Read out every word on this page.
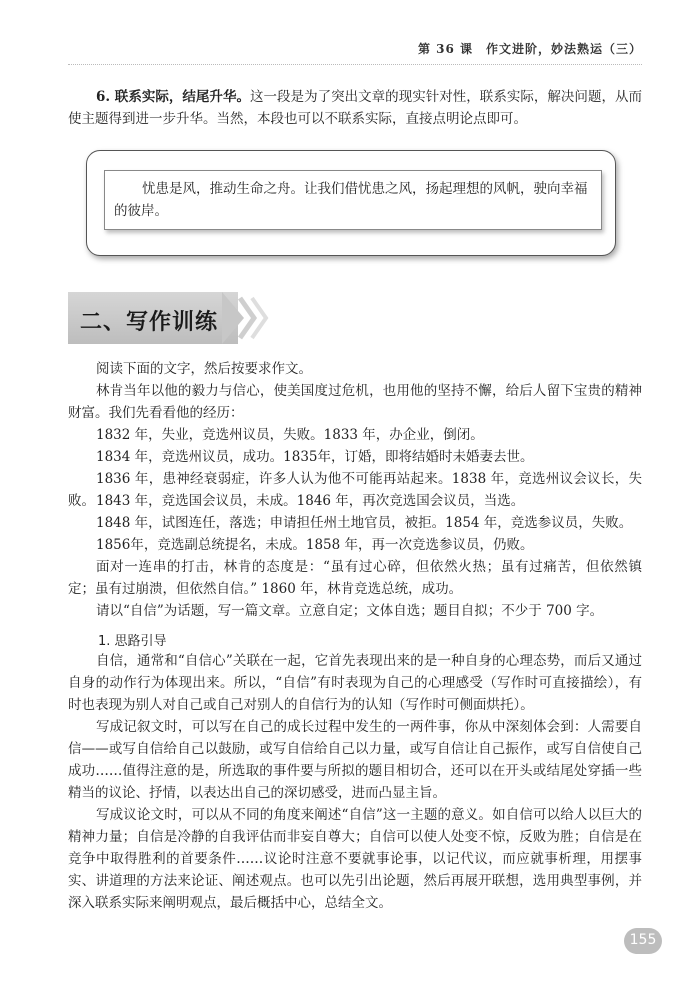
第 36 课　作文进阶，妙法熟运（三）

6. 联系实际，结尾升华。这一段是为了突出文章的现实针对性，联系实际，解决问题，从而使主题得到进一步升华。当然，本段也可以不联系实际，直接点明论点即可。

忧患是风，推动生命之舟。让我们借忧患之风，扬起理想的风帆，驶向幸福的彼岸。

二、写作训练

阅读下面的文字，然后按要求作文。

林肯当年以他的毅力与信心，使美国度过危机，也用他的坚持不懈，给后人留下宝贵的精神财富。我们先看看他的经历：

1832 年，失业，竞选州议员，失败。1833 年，办企业，倒闭。

1834 年，竞选州议员，成功。1835年，订婚，即将结婚时未婚妻去世。

1836 年，患神经衰弱症，许多人认为他不可能再站起来。1838 年，竞选州议会议长，失败。 1843 年，竞选国会议员，未成。1846 年，再次竞选国会议员，当选。

1848 年，试图连任，落选；申请担任州土地官员，被拒。1854 年，竞选参议员，失败。

1856年，竞选副总统提名，未成。1858 年，再一次竞选参议员，仍败。

面对一连串的打击，林肯的态度是：“虽有过心碎，但依然火热；虽有过痛苦，但依然镇定；虽有过崩溃，但依然自信。” 1860 年，林肯竞选总统，成功。

请以“自信”为话题，写一篇文章。立意自定；文体自选；题目自拟；不少于 700 字。

1. 思路引导

自信，通常和“自信心”关联在一起，它首先表现出来的是一种自身的心理态势，而后又通过自身的动作行为体现出来。所以，“自信”有时表现为自己的心理感受（写作时可直接描绘），有时也表现为别人对自己或自己对别人的自信行为的认知（写作时可侧面烘托）。

写成记叙文时，可以写在自己的成长过程中发生的一两件事，你从中深刻体会到：人需要自信——或写自信给自己以鼓励，或写自信给自己以力量，或写自信让自己振作，或写自信使自己成功……值得注意的是，所选取的事件要与所拟的题目相切合，还可以在开头或结尾处穿插一些精当的议论、抒情，以表达出自己的深切感受，进而凸显主旨。

写成议论文时，可以从不同的角度来阐述“自信”这一主题的意义。如自信可以给人以巨大的精神力量；自信是冷静的自我评估而非妄自尊大；自信可以使人处变不惊，反败为胜；自信是在竞争中取得胜利的首要条件……议论时注意不要就事论事，以记代议，而应就事析理，用摆事实、讲道理的方法来论证、阐述观点。也可以先引出论题，然后再展开联想，选用典型事例，并深入联系实际来阐明观点，最后概括中心，总结全文。

155
